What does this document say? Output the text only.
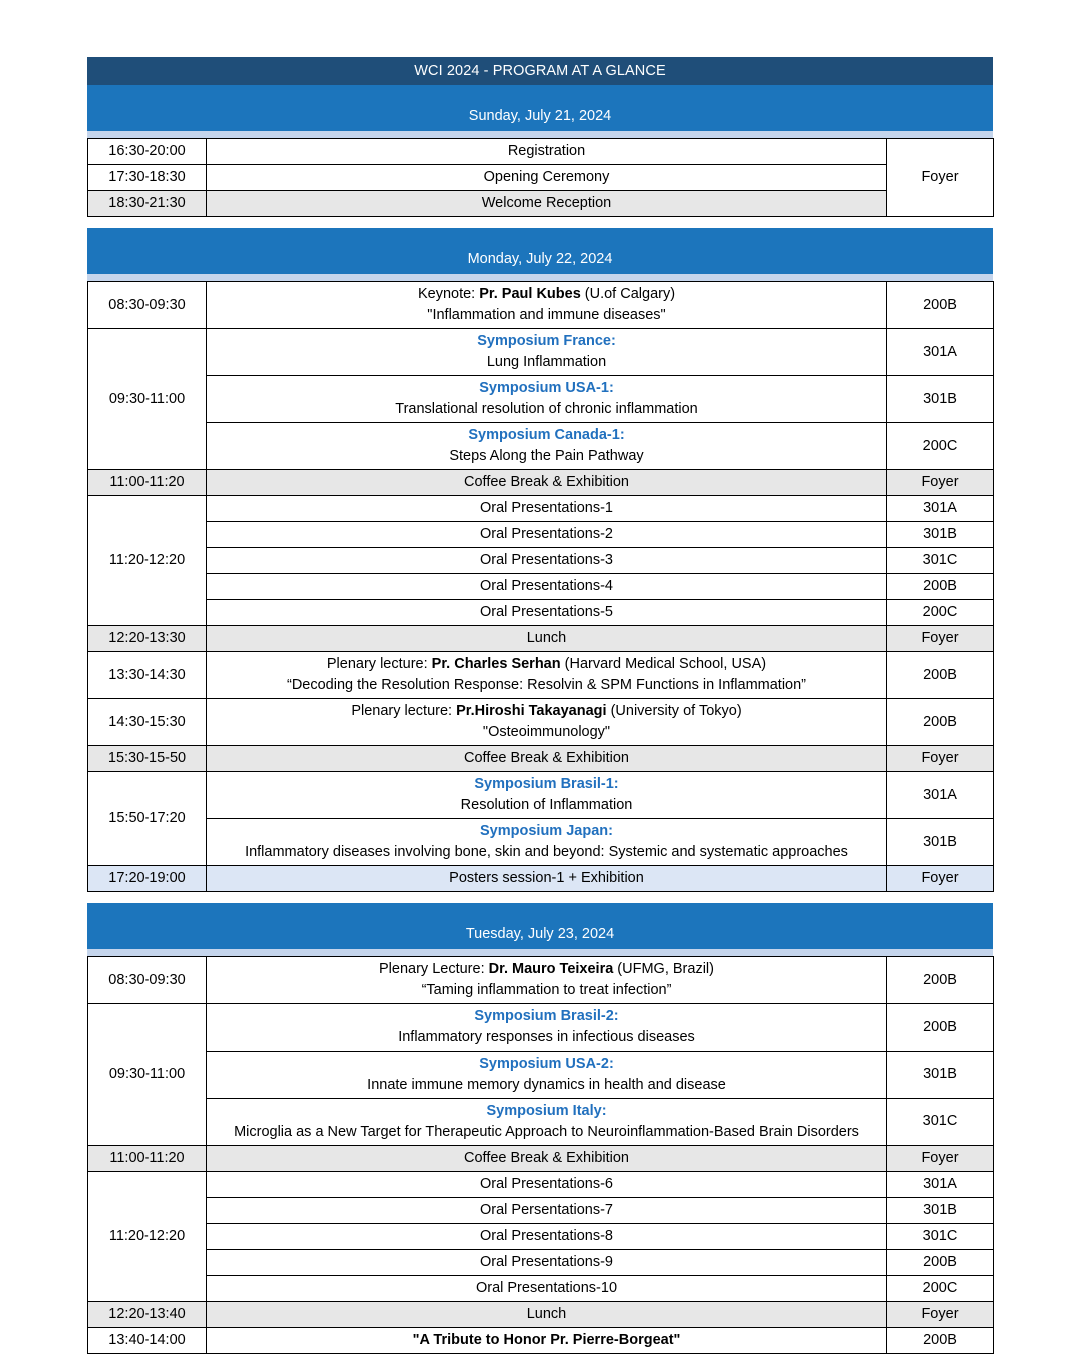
WCI 2024 - PROGRAM AT A GLANCE
Sunday, July 21, 2024
16:30-20:00	Registration	Foyer
17:30-18:30	Opening Ceremony	
18:30-21:30	Welcome Reception	
Monday, July 22, 2024
08:30-09:30	Keynote: Pr. Paul Kubes (U.of Calgary)
"Inflammation and immune diseases"	200B
09:30-11:00	Symposium France:
Lung Inflammation	301A

	Symposium USA-1:
Translational resolution of chronic inflammation	301B

	Symposium Canada-1:
Steps Along the Pain Pathway	200C
11:00-11:20	Coffee Break & Exhibition	Foyer
11:20-12:20	Oral Presentations-1	301A
	Oral Presentations-2	301B
	Oral Presentations-3	301C
	Oral Presentations-4	200B
	Oral Presentations-5	200C
12:20-13:30	Lunch	Foyer
13:30-14:30	Plenary lecture: Pr. Charles Serhan (Harvard Medical School, USA)
“Decoding the Resolution Response: Resolvin & SPM Functions in Inflammation”	200B
14:30-15:30	Plenary lecture: Pr.Hiroshi Takayanagi (University of Tokyo)
"Osteoimmunology"	200B
15:30-15-50	Coffee Break & Exhibition	Foyer
15:50-17:20	Symposium Brasil-1:
Resolution of Inflammation	301A

	Symposium Japan:
Inflammatory diseases involving bone, skin and beyond: Systemic and systematic approaches	301B
17:20-19:00	Posters session-1 + Exhibition	Foyer
Tuesday, July 23, 2024
08:30-09:30	Plenary Lecture: Dr. Mauro Teixeira (UFMG, Brazil)
“Taming inflammation to treat infection”	200B
09:30-11:00	Symposium Brasil-2:
Inflammatory responses in infectious diseases	200B

	Symposium USA-2:
Innate immune memory dynamics in health and disease	301B

	Symposium Italy:
Microglia as a New Target for Therapeutic Approach to Neuroinflammation-Based Brain Disorders	301C
11:00-11:20	Coffee Break & Exhibition	Foyer
11:20-12:20	Oral Presentations-6	301A
	Oral Persentations-7	301B
	Oral Presentations-8	301C
	Oral Presentations-9	200B
	Oral Presentations-10	200C
12:20-13:40	Lunch	Foyer
13:40-14:00	"A Tribute to Honor Pr. Pierre-Borgeat"	200B
